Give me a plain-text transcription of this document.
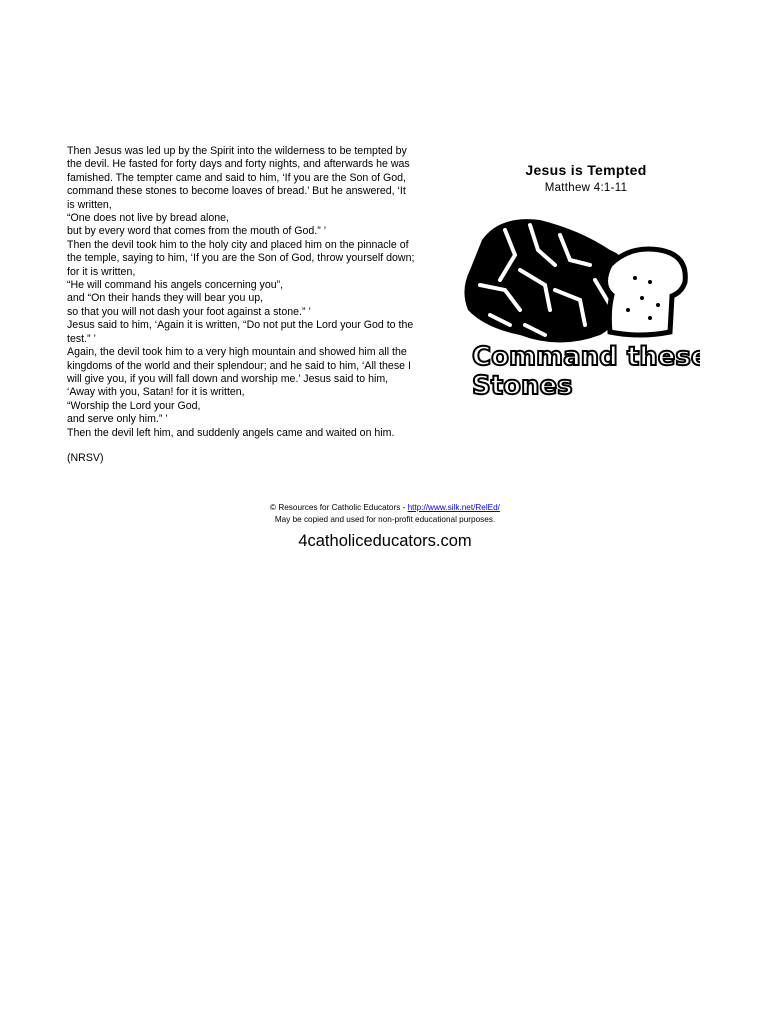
Then Jesus was led up by the Spirit into the wilderness to be tempted by
the devil. He fasted for forty days and forty nights, and afterwards he was
famished. The tempter came and said to him, ‘If you are the Son of God,
command these stones to become loaves of bread.’ But he answered, ‘It
is written,
“One does not live by bread alone,
but by every word that comes from the mouth of God.” ’
Then the devil took him to the holy city and placed him on the pinnacle of
the temple, saying to him, ‘If you are the Son of God, throw yourself down;
for it is written,
“He will command his angels concerning you”,
and “On their hands they will bear you up,
so that you will not dash your foot against a stone.” ’
Jesus said to him, ‘Again it is written, “Do not put the Lord your God to the
test.” ’
Again, the devil took him to a very high mountain and showed him all the
kingdoms of the world and their splendour; and he said to him, ‘All these I
will give you, if you will fall down and worship me.’ Jesus said to him,
‘Away with you, Satan! for it is written,
“Worship the Lord your God,
and serve only him.” ’
Then the devil left him, and suddenly angels came and waited on him.
(NRSV)
Jesus is Tempted
Matthew 4:1-11
Command these
Stones
© Resources for Catholic Educators - http://www.silk.net/RelEd/
May be copied and used for non-profit educational purposes.
4catholiceducators.com
